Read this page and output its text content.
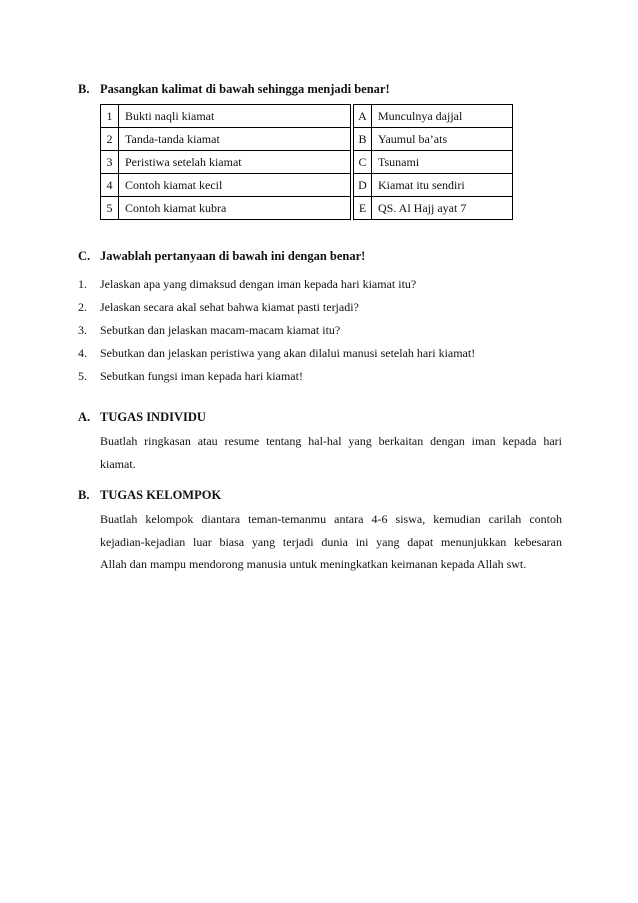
B. Pasangkan kalimat di bawah sehingga menjadi benar!
1	Bukti naqli kiamat
2	Tanda-tanda kiamat
3	Peristiwa setelah kiamat
4	Contoh kiamat kecil
5	Contoh kiamat kubra
A	Munculnya dajjal
B	Yaumul ba’ats
C	Tsunami
D	Kiamat itu sendiri
E	QS. Al Hajj ayat 7
C. Jawablah pertanyaan di bawah ini dengan benar!
1. Jelaskan apa yang dimaksud dengan iman kepada hari kiamat itu?
2. Jelaskan secara akal sehat bahwa kiamat pasti terjadi?
3. Sebutkan dan jelaskan macam-macam kiamat itu?
4. Sebutkan dan jelaskan peristiwa yang akan dilalui manusi setelah hari kiamat!
5. Sebutkan fungsi iman kepada hari kiamat!
A. TUGAS INDIVIDU
Buatlah ringkasan atau resume tentang hal-hal yang berkaitan dengan iman kepada hari
kiamat.
B. TUGAS KELOMPOK
Buatlah kelompok diantara teman-temanmu antara 4-6 siswa, kemudian carilah contoh
kejadian-kejadian luar biasa yang terjadi dunia ini yang dapat menunjukkan kebesaran
Allah dan mampu mendorong manusia untuk meningkatkan keimanan kepada Allah swt.
